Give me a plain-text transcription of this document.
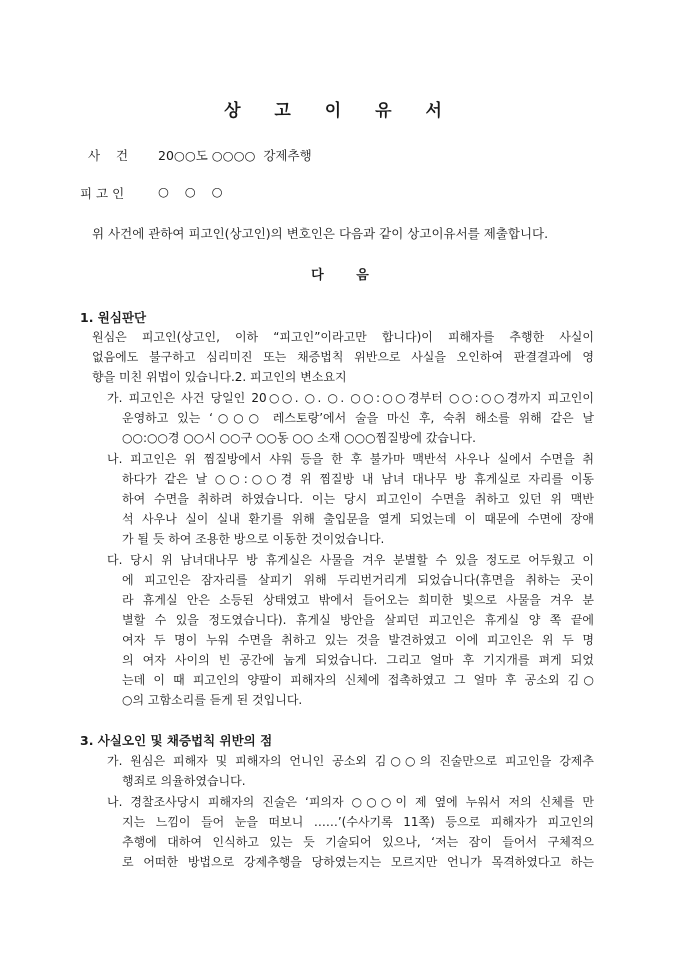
상 고 이 유 서
사    건 20○○도 ○○○○  강제추행
피 고 인	○    ○    ○
위 사건에 관하여 피고인(상고인)의 변호인은 다음과 같이 상고이유서를 제출합니다.
다 음
1. 원심판단
원심은 피고인(상고인, 이하 “피고인”이라고만 합니다)이 피해자를 추행한 사실이
없음에도 불구하고 심리미진 또는 채증법칙 위반으로 사실을 오인하여 판결결과에 영
향을 미친 위법이 있습니다.2. 피고인의 변소요지
가. 피고인은 사건 당일인 20○○. ○. ○. ○○:○○경부터 ○○:○○경까지 피고인이
운영하고 있는 ‘○○○ 레스토랑’에서 술을 마신 후, 숙취 해소를 위해 같은 날
○○:○○경 ○○시 ○○구 ○○동 ○○ 소재 ○○○찜질방에 갔습니다.
나. 피고인은 위 찜질방에서 샤워 등을 한 후 불가마 맥반석 사우나 실에서 수면을 취
하다가 같은 날 ○○:○○경 위 찜질방 내 남녀 대나무 방 휴게실로 자리를 이동
하여 수면을 취하려 하였습니다. 이는 당시 피고인이 수면을 취하고 있던 위 맥반
석 사우나 실이 실내 환기를 위해 출입문을 열게 되었는데 이 때문에 수면에 장애
가 될 듯 하여 조용한 방으로 이동한 것이었습니다.
다. 당시 위 남녀대나무 방 휴게실은 사물을 겨우 분별할 수 있을 정도로 어두웠고 이
에 피고인은 잠자리를 살피기 위해 두리번거리게 되었습니다(휴면을 취하는 곳이
라 휴게실 안은 소등된 상태였고 밖에서 들어오는 희미한 빛으로 사물을 겨우 분
별할 수 있을 정도였습니다). 휴게실 방안을 살피던 피고인은 휴게실 양 쪽 끝에
여자 두 명이 누워 수면을 취하고 있는 것을 발견하였고 이에 피고인은 위 두 명
의 여자 사이의 빈 공간에 눕게 되었습니다. 그리고 얼마 후 기지개를 펴게 되었
는데 이 때 피고인의 양팔이 피해자의 신체에 접촉하였고 그 얼마 후 공소외 김○
○의 고함소리를 듣게 된 것입니다.
3. 사실오인 및 채증법칙 위반의 점
가. 원심은 피해자 및 피해자의 언니인 공소외 김○○의 진술만으로 피고인을 강제추
행죄로 의율하였습니다.
나. 경찰조사당시 피해자의 진술은 ‘피의자 ○○○이 제 옆에 누워서 저의 신체를 만
지는 느낌이 들어 눈을 떠보니 ……’(수사기록 11쪽) 등으로 피해자가 피고인의
추행에 대하여 인식하고 있는 듯 기술되어 있으나, ‘저는 잠이 들어서 구체적으
로 어떠한 방법으로 강제추행을 당하였는지는 모르지만 언니가 목격하였다고 하는
